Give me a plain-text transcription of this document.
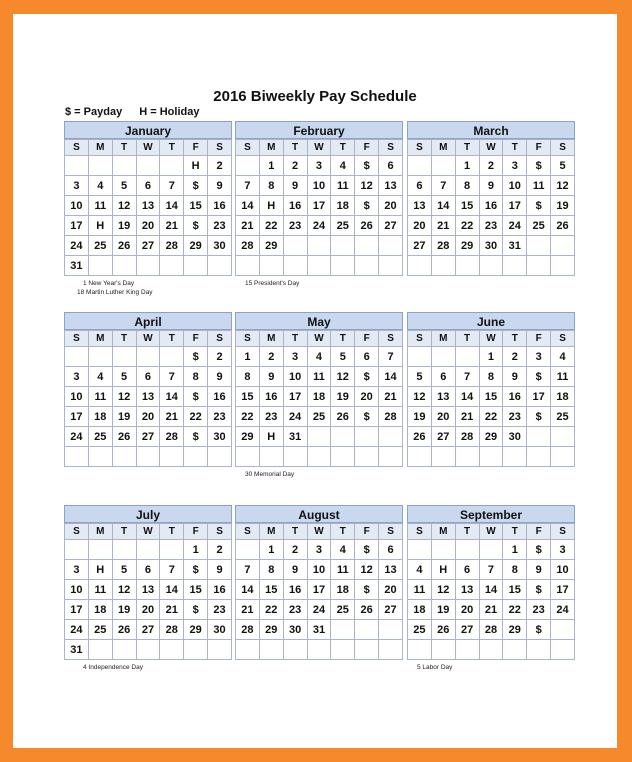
2016 Biweekly Pay Schedule
$ = Payday H = Holiday
January
S	M	T	W	T	F	S
					H	2
3	4	5	6	7	$	9
10	11	12	13	14	15	16
17	H	19	20	21	$	23
24	25	26	27	28	29	30
31						
1 New Year's Day
18 Martin Luther King Day
February
S	M	T	W	T	F	S
	1	2	3	4	$	6
7	8	9	10	11	12	13
14	H	16	17	18	$	20
21	22	23	24	25	26	27
28	29					

15 President's Day
March
S	M	T	W	T	F	S
		1	2	3	$	5
6	7	8	9	10	11	12
13	14	15	16	17	$	19
20	21	22	23	24	25	26
27	28	29	30	31		

April
S	M	T	W	T	F	S
					$	2
3	4	5	6	7	8	9
10	11	12	13	14	$	16
17	18	19	20	21	22	23
24	25	26	27	28	$	30

May
S	M	T	W	T	F	S
1	2	3	4	5	6	7
8	9	10	11	12	$	14
15	16	17	18	19	20	21
22	23	24	25	26	$	28
29	H	31				

30 Memorial Day
June
S	M	T	W	T	F	S
			1	2	3	4
5	6	7	8	9	$	11
12	13	14	15	16	17	18
19	20	21	22	23	$	25
26	27	28	29	30		

July
S	M	T	W	T	F	S
					1	2
3	H	5	6	7	$	9
10	11	12	13	14	15	16
17	18	19	20	21	$	23
24	25	26	27	28	29	30
31						
4 Independence Day
August
S	M	T	W	T	F	S
	1	2	3	4	$	6
7	8	9	10	11	12	13
14	15	16	17	18	$	20
21	22	23	24	25	26	27
28	29	30	31			

September
S	M	T	W	T	F	S
				1	$	3
4	H	6	7	8	9	10
11	12	13	14	15	$	17
18	19	20	21	22	23	24
25	26	27	28	29	$	

5 Labor Day
